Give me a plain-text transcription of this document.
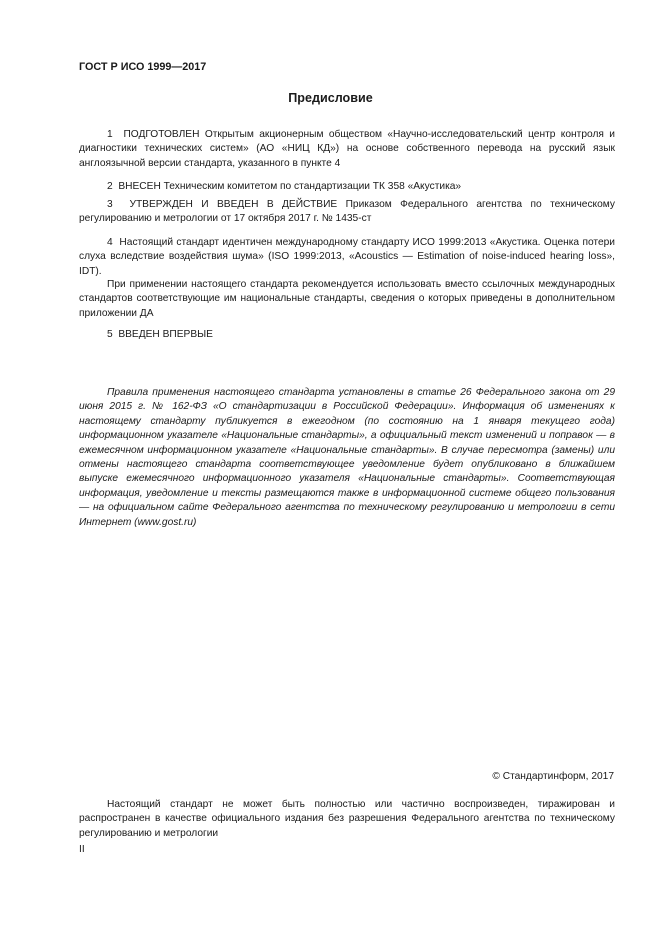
ГОСТ Р ИСО 1999—2017
Предисловие
1 ПОДГОТОВЛЕН Открытым акционерным обществом «Научно-исследовательский центр контроля и диагностики технических систем» (АО «НИЦ КД») на основе собственного перевода на русский язык англоязычной версии стандарта, указанного в пункте 4
2 ВНЕСЕН Техническим комитетом по стандартизации ТК 358 «Акустика»
3 УТВЕРЖДЕН И ВВЕДЕН В ДЕЙСТВИЕ Приказом Федерального агентства по техническому регулированию и метрологии от 17 октября 2017 г. № 1435-ст
4 Настоящий стандарт идентичен международному стандарту ИСО 1999:2013 «Акустика. Оценка потери слуха вследствие воздействия шума» (ISO 1999:2013, «Acoustics — Estimation of noise-induced hearing loss», IDT).
При применении настоящего стандарта рекомендуется использовать вместо ссылочных международных стандартов соответствующие им национальные стандарты, сведения о которых приведены в дополнительном приложении ДА
5 ВВЕДЕН ВПЕРВЫЕ
Правила применения настоящего стандарта установлены в статье 26 Федерального закона от 29 июня 2015 г. № 162-ФЗ «О стандартизации в Российской Федерации». Информация об изменениях к настоящему стандарту публикуется в ежегодном (по состоянию на 1 января текущего года) информационном указателе «Национальные стандарты», а официальный текст изменений и поправок — в ежемесячном информационном указателе «Национальные стандарты». В случае пересмотра (замены) или отмены настоящего стандарта соответствующее уведомление будет опубликовано в ближайшем выпуске ежемесячного информационного указателя «Национальные стандарты». Соответствующая информация, уведомление и тексты размещаются также в информационной системе общего пользования — на официальном сайте Федерального агентства по техническому регулированию и метрологии в сети Интернет (www.gost.ru)
© Стандартинформ, 2017
Настоящий стандарт не может быть полностью или частично воспроизведен, тиражирован и распространен в качестве официального издания без разрешения Федерального агентства по техническому регулированию и метрологии
II
